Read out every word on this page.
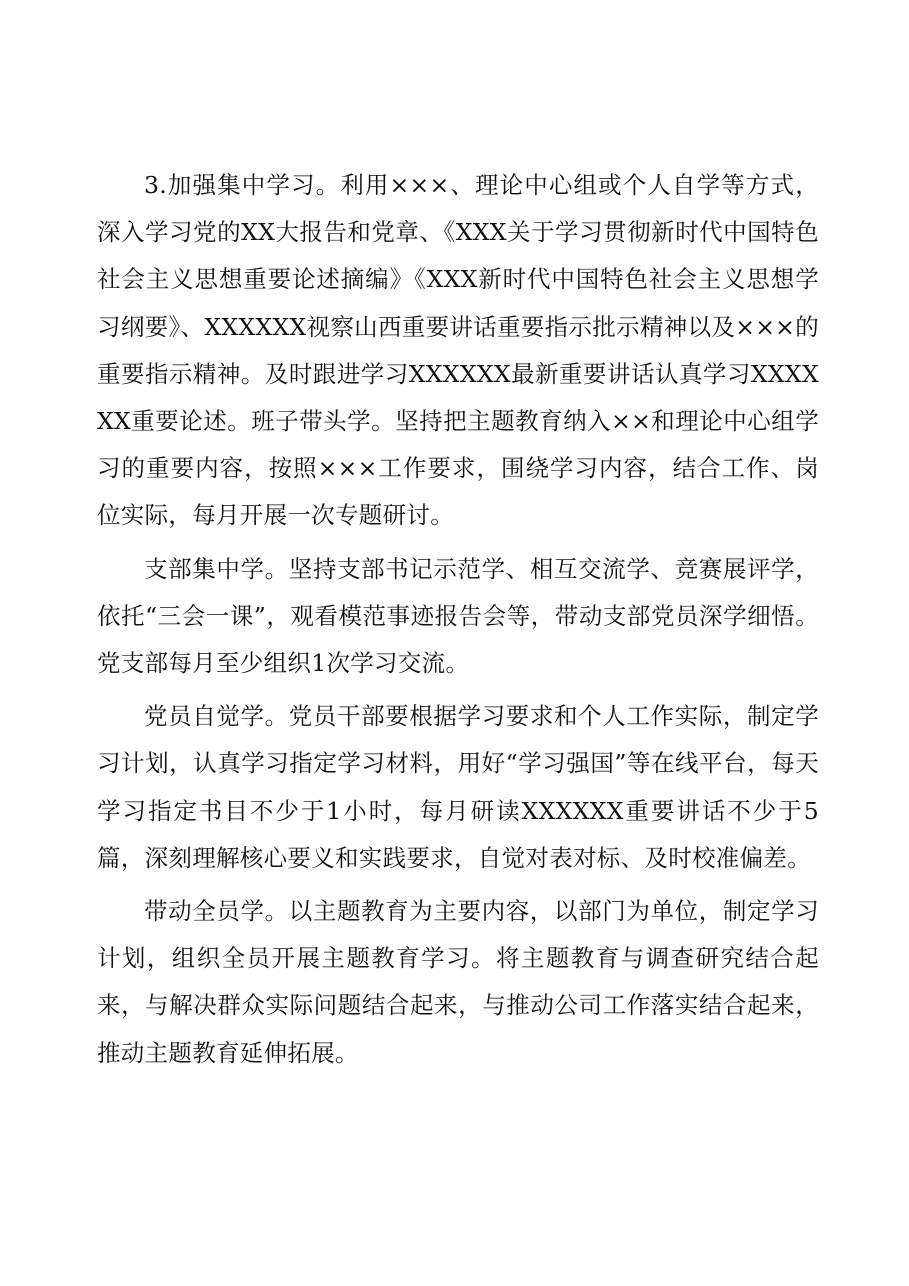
3.加强集中学习。利用×××、理论中心组或个人自学等方式，深入学习党的XX大报告和党章、《XXX关于学习贯彻新时代中国特色社会主义思想重要论述摘编》《XXX新时代中国特色社会主义思想学习纲要》、XXXXXX视察山西重要讲话重要指示批示精神以及×××的重要指示精神。及时跟进学习XXXXXX最新重要讲话认真学习XXXXXX重要论述。班子带头学。坚持把主题教育纳入××和理论中心组学习的重要内容，按照×××工作要求，围绕学习内容，结合工作、岗位实际，每月开展一次专题研讨。

支部集中学。坚持支部书记示范学、相互交流学、竞赛展评学，依托“三会一课”，观看模范事迹报告会等，带动支部党员深学细悟。党支部每月至少组织1次学习交流。

党员自觉学。党员干部要根据学习要求和个人工作实际，制定学习计划，认真学习指定学习材料，用好“学习强国”等在线平台，每天学习指定书目不少于1小时，每月研读XXXXXX重要讲话不少于5篇，深刻理解核心要义和实践要求，自觉对表对标、及时校准偏差。

带动全员学。以主题教育为主要内容，以部门为单位，制定学习计划，组织全员开展主题教育学习。将主题教育与调查研究结合起来，与解决群众实际问题结合起来，与推动公司工作落实结合起来，推动主题教育延伸拓展。
